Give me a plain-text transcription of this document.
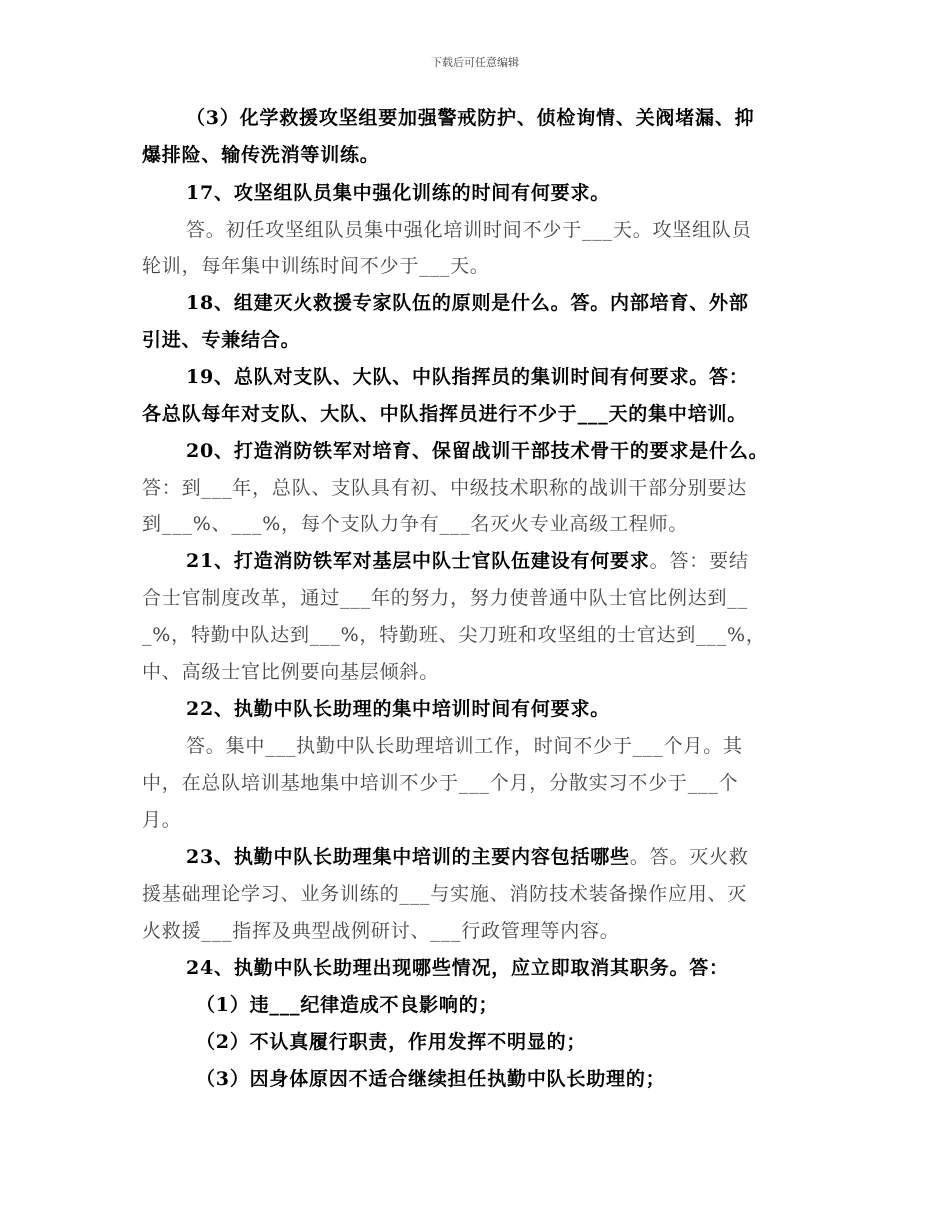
下载后可任意编辑
（3）化学救援攻坚组要加强警戒防护、侦检询情、关阀堵漏、抑
爆排险、输传洗消等训练。
17、攻坚组队员集中强化训练的时间有何要求。
答。初任攻坚组队员集中强化培训时间不少于___天。攻坚组队员
轮训，每年集中训练时间不少于___天。
18、组建灭火救援专家队伍的原则是什么。答。内部培育、外部
引进、专兼结合。
19、总队对支队、大队、中队指挥员的集训时间有何要求。答：
各总队每年对支队、大队、中队指挥员进行不少于___天的集中培训。
20、打造消防铁军对培育、保留战训干部技术骨干的要求是什么。
答：到___年，总队、支队具有初、中级技术职称的战训干部分别要达
到___%、___%，每个支队力争有___名灭火专业高级工程师。
21、打造消防铁军对基层中队士官队伍建设有何要求。答：要结
合士官制度改革，通过___年的努力，努力使普通中队士官比例达到__
_%，特勤中队达到___%，特勤班、尖刀班和攻坚组的士官达到___%，
中、高级士官比例要向基层倾斜。
22、执勤中队长助理的集中培训时间有何要求。
答。集中___执勤中队长助理培训工作，时间不少于___个月。其
中，在总队培训基地集中培训不少于___个月，分散实习不少于___个
月。
23、执勤中队长助理集中培训的主要内容包括哪些。答。灭火救
援基础理论学习、业务训练的___与实施、消防技术装备操作应用、灭
火救援___指挥及典型战例研讨、___行政管理等内容。
24、执勤中队长助理出现哪些情况，应立即取消其职务。答：
（1）违___纪律造成不良影响的；
（2）不认真履行职责，作用发挥不明显的；
（3）因身体原因不适合继续担任执勤中队长助理的；
